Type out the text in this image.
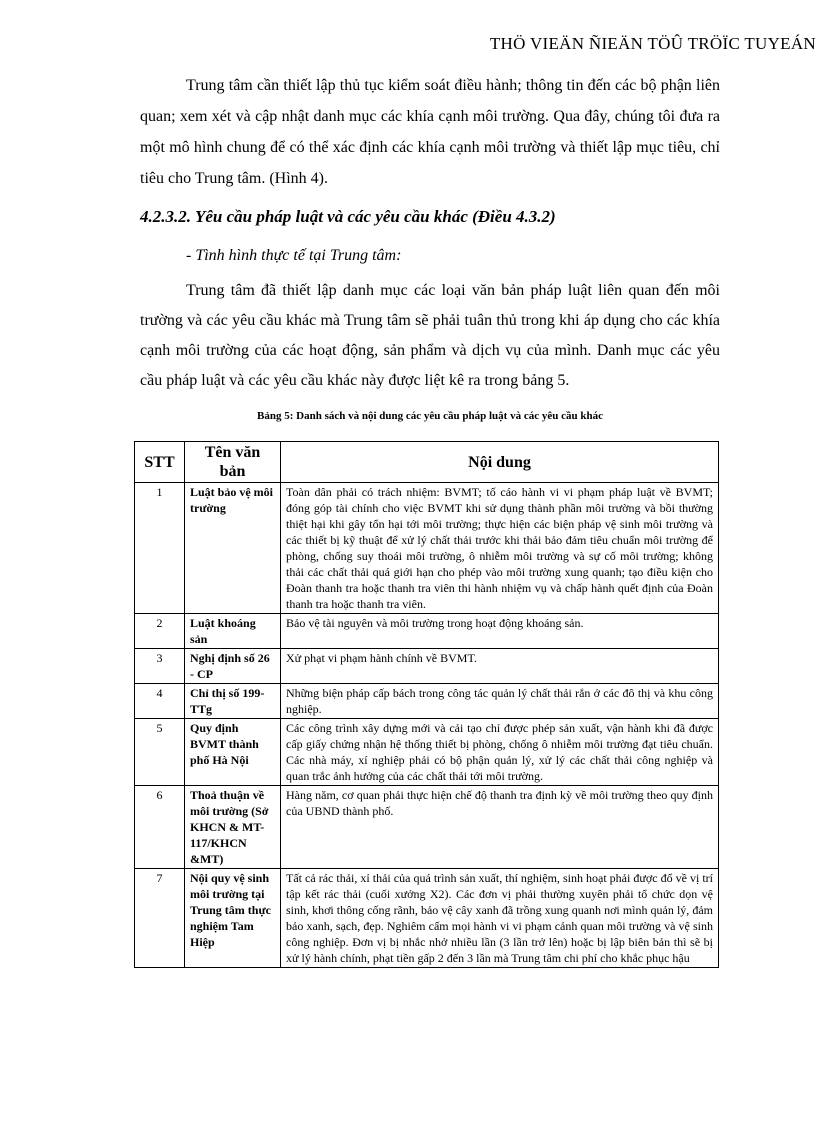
THÖ VIEÄN ÑIEÄN TÖÛ TRÖÏC TUYEÁN

Trung tâm cần thiết lập thủ tục kiểm soát điều hành; thông tin đến các bộ phận liên quan; xem xét và cập nhật danh mục các khía cạnh môi trường. Qua đây, chúng tôi đưa ra một mô hình chung để có thể xác định các khía cạnh môi trường và thiết lập mục tiêu, chỉ tiêu cho Trung tâm. (Hình 4).

4.2.3.2. Yêu cầu pháp luật và các yêu cầu khác (Điều 4.3.2)

- Tình hình thực tế tại Trung tâm:

Trung tâm đã thiết lập danh mục các loại văn bản pháp luật liên quan đến môi trường và các yêu cầu khác mà Trung tâm sẽ phải tuân thủ trong khi áp dụng cho các khía cạnh môi trường của các hoạt động, sản phẩm và dịch vụ của mình. Danh mục các yêu cầu pháp luật và các yêu cầu khác này được liệt kê ra trong bảng 5.

Bảng 5: Danh sách và nội dung các yêu cầu pháp luật và các yêu cầu khác
STT	Tên văn bản	Nội dung
1	Luật bảo vệ môi trường	Toàn dân phải có trách nhiệm: BVMT; tố cáo hành vi vi phạm pháp luật về BVMT; đóng góp tài chính cho việc BVMT khi sử dụng thành phần môi trường và bồi thường thiệt hại khi gây tổn hại tới môi trường; thực hiện các biện pháp vệ sinh môi trường và các thiết bị kỹ thuật để xử lý chất thải trước khi thải bảo đảm tiêu chuẩn môi trường để phòng, chống suy thoái môi trường, ô nhiễm môi trường và sự cố môi trường; không thải các chất thải quá giới hạn cho phép vào môi trường xung quanh; tạo điều kiện cho Đoàn thanh tra hoặc thanh tra viên thi hành nhiệm vụ và chấp hành quết định của Đoàn thanh tra hoặc thanh tra viên.
2	Luật khoáng sản	Bảo vệ tài nguyên và môi trường trong hoạt động khoáng sản.
3	Nghị định số 26 - CP	Xử phạt vi phạm hành chính về BVMT.
4	Chỉ thị số 199-TTg	Những biện pháp cấp bách trong công tác quản lý chất thải rắn ở các đô thị và khu công nghiệp.
5	Quy định BVMT thành phố Hà Nội	Các công trình xây dựng mới và cải tạo chỉ được phép sản xuất, vận hành khi đã được cấp giấy chứng nhận hệ thống thiết bị phòng, chống ô nhiễm môi trường đạt tiêu chuẩn. Các nhà máy, xí nghiệp phải có bộ phận quản lý, xử lý các chất thải công nghiệp và quan trắc ảnh hưởng của các chất thải tới môi trường.
6	Thoả thuận về môi trường (Sở KHCN & MT-117/KHCN &MT)	Hàng năm, cơ quan phải thực hiện chế độ thanh tra định kỳ về môi trường theo quy định của UBND thành phố.
7	Nội quy vệ sinh môi trường tại Trung tâm thực nghiệm Tam Hiệp	Tất cả rác thải, xỉ thải của quá trình sản xuất, thí nghiệm, sinh hoạt phải được đổ về vị trí tập kết rác thải (cuối xưởng X2). Các đơn vị phải thường xuyên phải tổ chức dọn vệ sinh, khơi thông cống rãnh, bảo vệ cây xanh đã trồng xung quanh nơi mình quản lý, đảm bảo xanh, sạch, đẹp. Nghiêm cấm mọi hành vi vi phạm cảnh quan môi trường và vệ sinh công nghiệp. Đơn vị bị nhắc nhở nhiều lần (3 lần trở lên) hoặc bị lập biên bản thì sẽ bị xử lý hành chính, phạt tiền gấp 2 đến 3 lần mà Trung tâm chi phí cho khắc phục hậu
